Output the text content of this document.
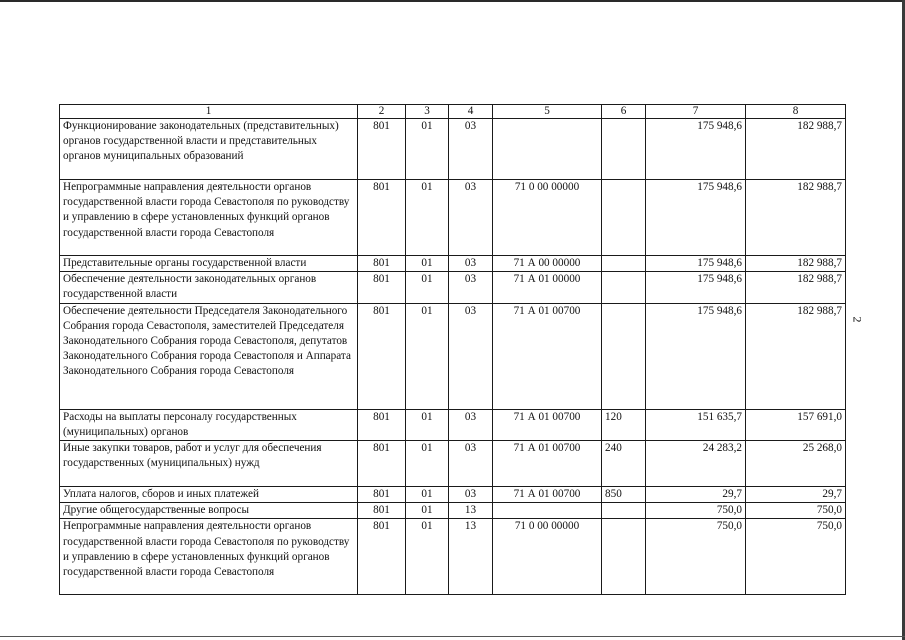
2
1	2	3	4	5	6	7	8
Функционирование законодательных (представительных) органов государственной власти и представительных органов муниципальных образований	801	01	03			175 948,6	182 988,7
Непрограммные направления деятельности органов государственной власти города Севастополя по руководству и управлению в сфере установленных функций органов государственной власти города Севастополя	801	01	03	71 0 00 00000		175 948,6	182 988,7
Представительные органы государственной власти	801	01	03	71 А 00 00000		175 948,6	182 988,7
Обеспечение деятельности законодательных органов государственной власти	801	01	03	71 А 01 00000		175 948,6	182 988,7
Обеспечение деятельности Председателя Законодательного Собрания города Севастополя, заместителей Председателя Законодательного Собрания города Севастополя, депутатов Законодательного Собрания города Севастополя и Аппарата Законодательного Собрания города Севастополя	801	01	03	71 А 01 00700		175 948,6	182 988,7
Расходы на выплаты персоналу государственных (муниципальных) органов	801	01	03	71 А 01 00700	120	151 635,7	157 691,0
Иные закупки товаров, работ и услуг для обеспечения государственных (муниципальных) нужд	801	01	03	71 А 01 00700	240	24 283,2	25 268,0
Уплата налогов, сборов и иных платежей	801	01	03	71 А 01 00700	850	29,7	29,7
Другие общегосударственные вопросы	801	01	13			750,0	750,0
Непрограммные направления деятельности органов государственной власти города Севастополя по руководству и управлению в сфере установленных функций органов государственной власти города Севастополя	801	01	13	71 0 00 00000		750,0	750,0
